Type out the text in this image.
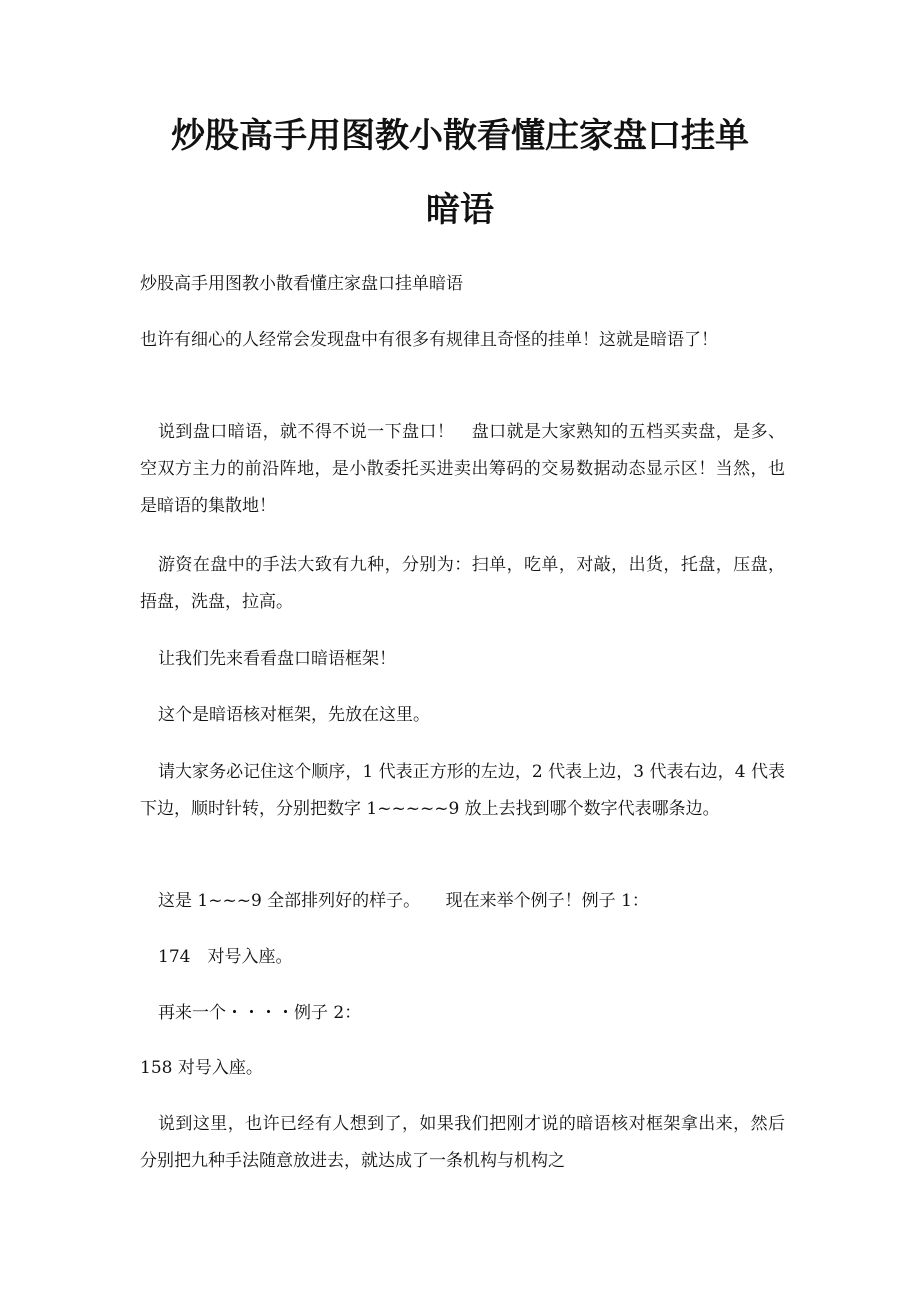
炒股高手用图教小散看懂庄家盘口挂单
暗语

炒股高手用图教小散看懂庄家盘口挂单暗语

也许有细心的人经常会发现盘中有很多有规律且奇怪的挂单！这就是暗语了！

说到盘口暗语，就不得不说一下盘口！　盘口就是大家熟知的五档买卖盘，是多、空双方主力的前沿阵地，是小散委托买进卖出筹码的交易数据动态显示区！当然，也是暗语的集散地！

游资在盘中的手法大致有九种，分别为：扫单，吃单，对敲，出货，托盘，压盘，捂盘，洗盘，拉高。

让我们先来看看盘口暗语框架！

这个是暗语核对框架，先放在这里。

请大家务必记住这个顺序，1 代表正方形的左边，2 代表上边，3 代表右边，4 代表下边，顺时针转，分别把数字 1~~~~~9 放上去找到哪个数字代表哪条边。

这是 1~~~9 全部排列好的样子。　　现在来举个例子！例子 1：

174　对号入座。

再来一个・・・・例子 2：

158 对号入座。

说到这里，也许已经有人想到了，如果我们把刚才说的暗语核对框架拿出来，然后分别把九种手法随意放进去，就达成了一条机构与机构之
